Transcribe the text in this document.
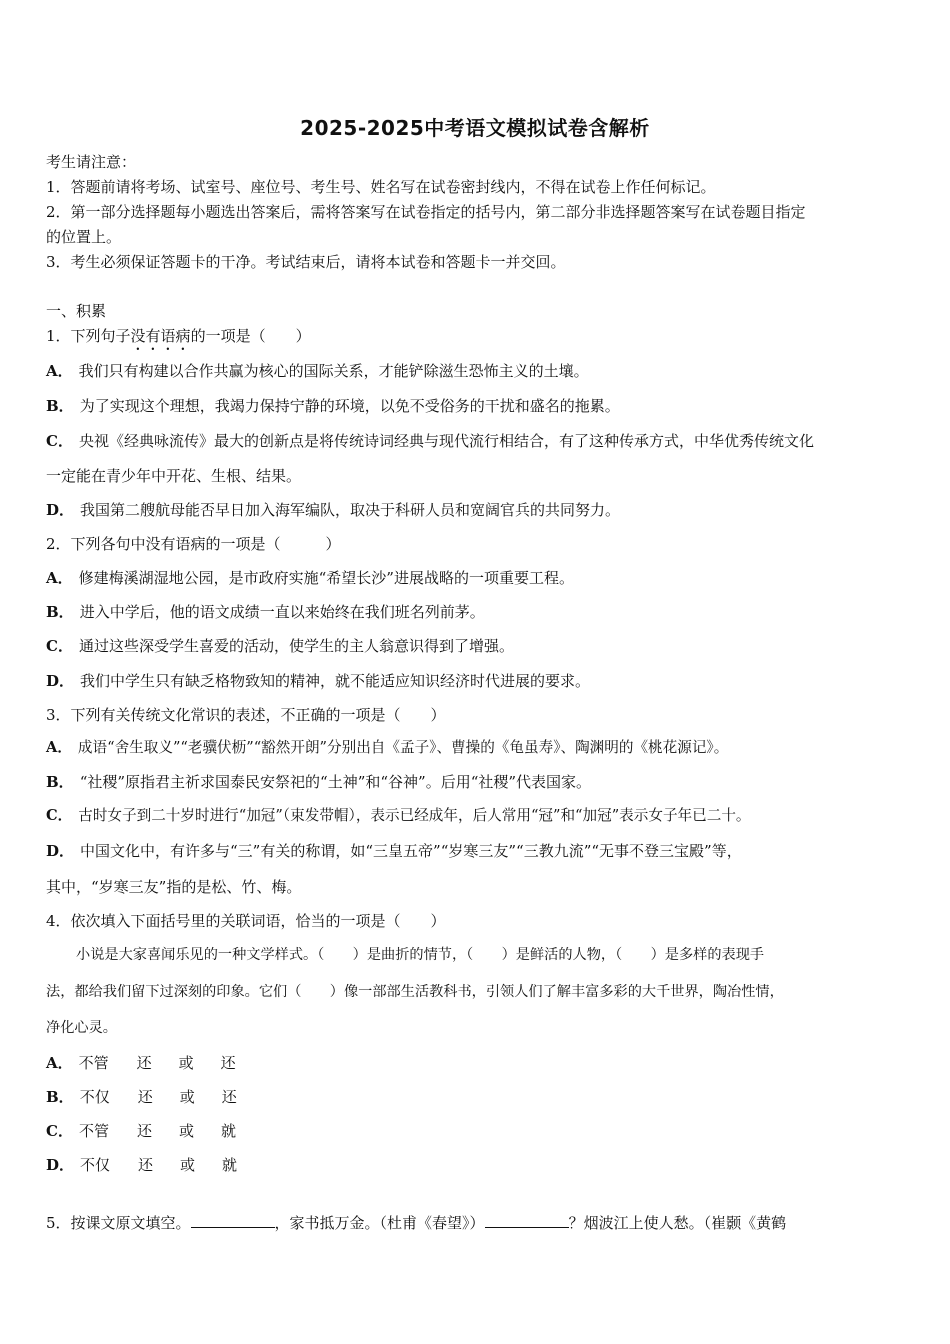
2025-2025中考语文模拟试卷含解析
考生请注意：
1．答题前请将考场、试室号、座位号、考生号、姓名写在试卷密封线内，不得在试卷上作任何标记。
2．第一部分选择题每小题选出答案后，需将答案写在试卷指定的括号内，第二部分非选择题答案写在试卷题目指定
的位置上。
3．考生必须保证答题卡的干净。考试结束后，请将本试卷和答题卡一并交回。
一、积累
1．下列句子没有语病的一项是（　　）
A． 我们只有构建以合作共赢为核心的国际关系，才能铲除滋生恐怖主义的土壤。
B． 为了实现这个理想，我竭力保持宁静的环境，以免不受俗务的干扰和盛名的拖累。
C． 央视《经典咏流传》最大的创新点是将传统诗词经典与现代流行相结合，有了这种传承方式，中华优秀传统文化
一定能在青少年中开花、生根、结果。
D． 我国第二艘航母能否早日加入海军编队，取决于科研人员和宽阔官兵的共同努力。
2．下列各句中没有语病的一项是（　　　）
A． 修建梅溪湖湿地公园，是市政府实施“希望长沙”进展战略的一项重要工程。
B． 进入中学后，他的语文成绩一直以来始终在我们班名列前茅。
C． 通过这些深受学生喜爱的活动，使学生的主人翁意识得到了增强。
D． 我们中学生只有缺乏格物致知的精神，就不能适应知识经济时代进展的要求。
3．下列有关传统文化常识的表述，不正确的一项是（　　）
A． 成语“舍生取义”“老骥伏枥”“豁然开朗”分别出自《孟子》、曹操的《龟虽寿》、陶渊明的《桃花源记》。
B． “社稷”原指君主祈求国泰民安祭祀的“土神”和“谷神”。后用“社稷”代表国家。
C． 古时女子到二十岁时进行“加冠”（束发带帽），表示已经成年，后人常用“冠”和“加冠”表示女子年已二十。
D． 中国文化中，有许多与“三”有关的称谓，如“三皇五帝”“岁寒三友”“三教九流”“无事不登三宝殿”等，
其中，“岁寒三友”指的是松、竹、梅。
4．依次填入下面括号里的关联词语，恰当的一项是（　　）
小说是大家喜闻乐见的一种文学样式。（　　）是曲折的情节，（　　）是鲜活的人物，（　　）是多样的表现手
法，都给我们留下过深刻的印象。它们（　　）像一部部生活教科书，引领人们了解丰富多彩的大千世界，陶冶性情，
净化心灵。
A． 不管 还 或 还
B． 不仅 还 或 还
C． 不管 还 或 就
D． 不仅 还 或 就
5．按课文原文填空。	，家书抵万金。（杜甫《春望》）	？烟波江上使人愁。（崔颢《黄鹤
